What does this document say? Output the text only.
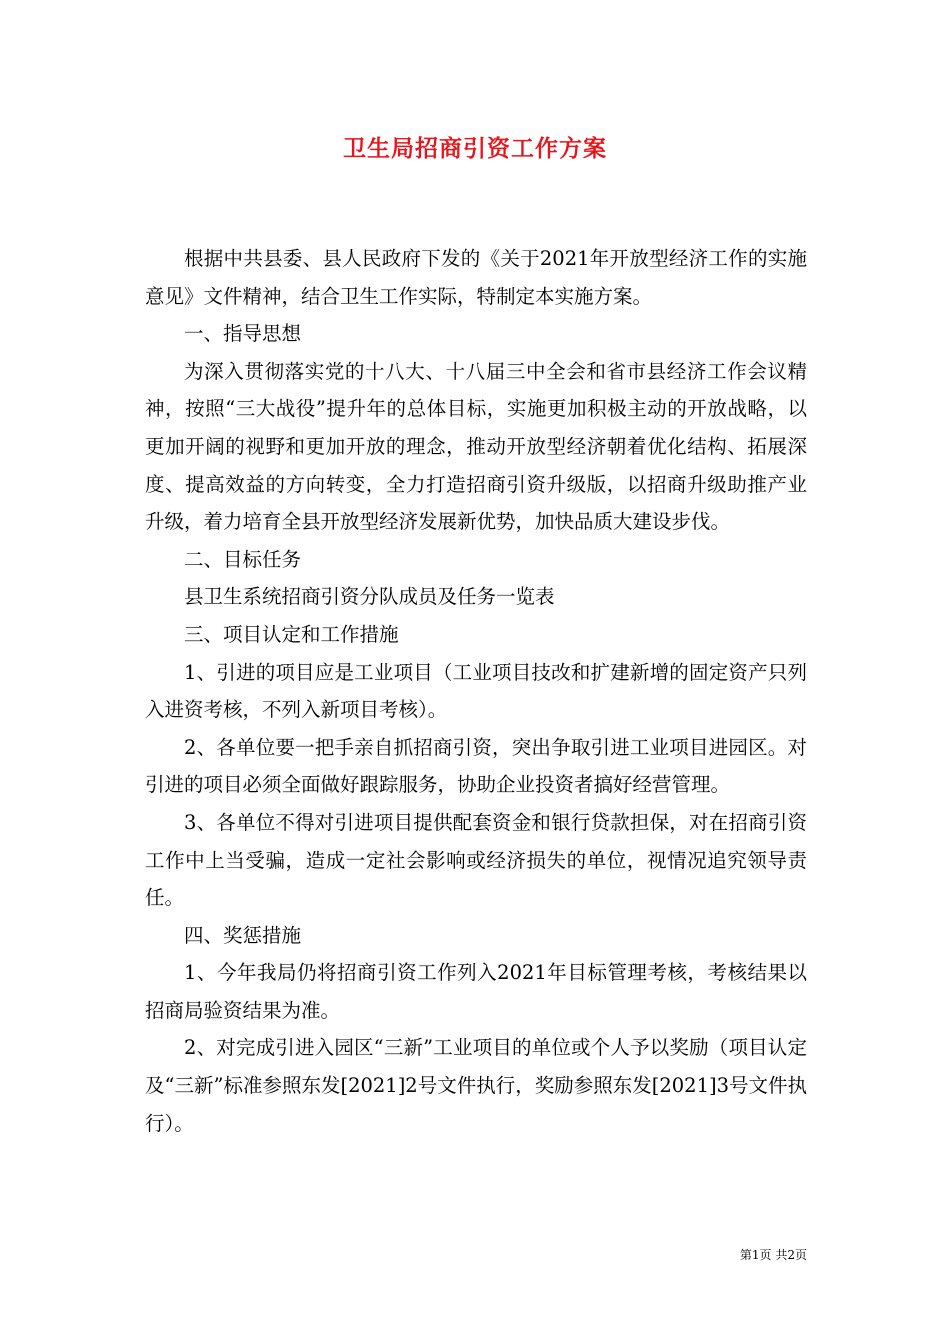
卫生局招商引资工作方案

根据中共县委、县人民政府下发的《关于2021年开放型经济工作的实施意见》文件精神，结合卫生工作实际，特制定本实施方案。

一、指导思想

为深入贯彻落实党的十八大、十八届三中全会和省市县经济工作会议精神，按照“三大战役”提升年的总体目标，实施更加积极主动的开放战略，以更加开阔的视野和更加开放的理念，推动开放型经济朝着优化结构、拓展深度、提高效益的方向转变，全力打造招商引资升级版，以招商升级助推产业升级，着力培育全县开放型经济发展新优势，加快品质大建设步伐。

二、目标任务

县卫生系统招商引资分队成员及任务一览表

三、项目认定和工作措施

1、引进的项目应是工业项目（工业项目技改和扩建新增的固定资产只列入进资考核，不列入新项目考核）。

2、各单位要一把手亲自抓招商引资，突出争取引进工业项目进园区。对引进的项目必须全面做好跟踪服务，协助企业投资者搞好经营管理。

3、各单位不得对引进项目提供配套资金和银行贷款担保，对在招商引资工作中上当受骗，造成一定社会影响或经济损失的单位，视情况追究领导责任。

四、奖惩措施

1、今年我局仍将招商引资工作列入2021年目标管理考核，考核结果以招商局验资结果为准。

2、对完成引进入园区“三新”工业项目的单位或个人予以奖励（项目认定及“三新”标准参照东发[2021]2号文件执行，奖励参照东发[2021]3号文件执行）。

第1页 共2页
